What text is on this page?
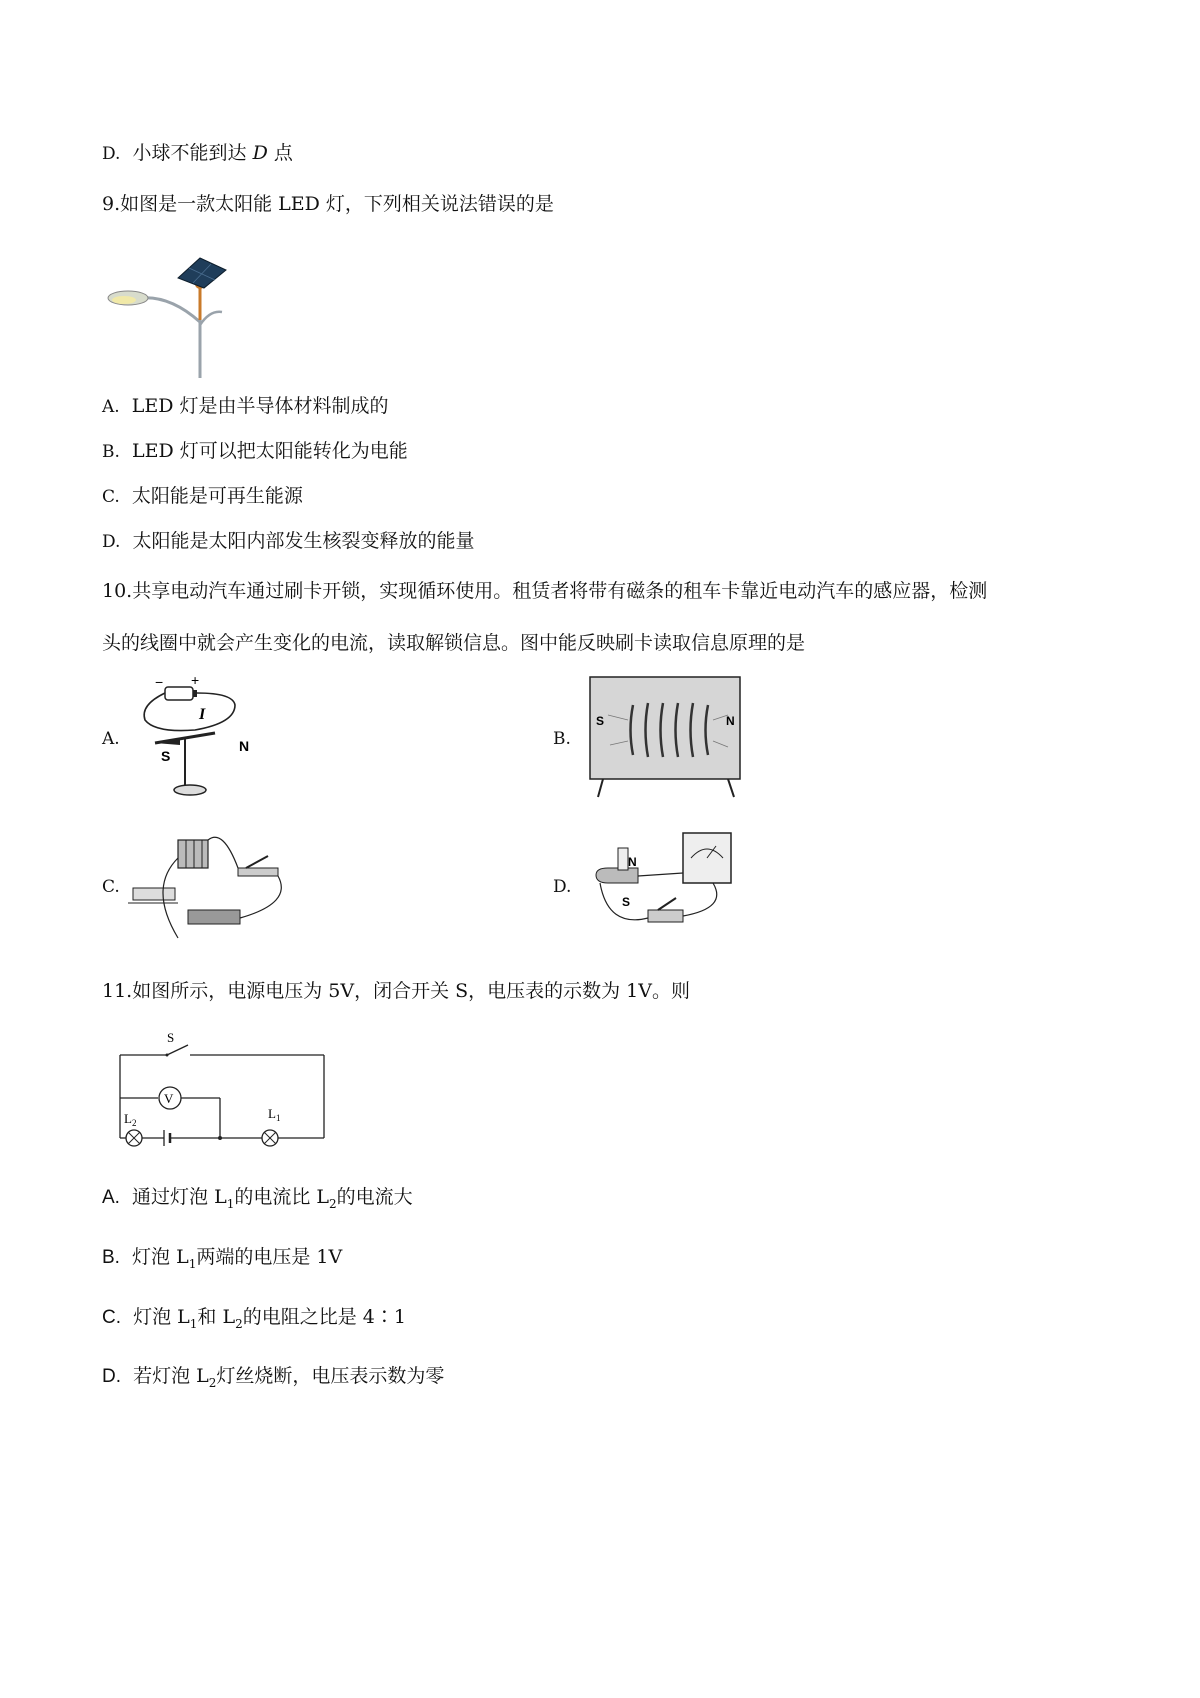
D. 小球不能到达 D 点
9.如图是一款太阳能 LED 灯，下列相关说法错误的是
A. LED 灯是由半导体材料制成的
B. LED 灯可以把太阳能转化为电能
C. 太阳能是可再生能源
D. 太阳能是太阳内部发生核裂变释放的能量
10.共享电动汽车通过刷卡开锁，实现循环使用。租赁者将带有磁条的租车卡靠近电动汽车的感应器，检测
头的线圈中就会产生变化的电流，读取解锁信息。图中能反映刷卡读取信息原理的是
A.
− +
I
S
N	B.
S	N
C.	D.
N
S
11.如图所示，电源电压为 5V，闭合开关 S，电压表的示数为 1V。则
S
V
$L_2$
$L_1$
A. 通过灯泡 $L_1$的电流比 $L_2$的电流大
B. 灯泡 $L_1$两端的电压是 1V
C. 灯泡 $L_1$和 $L_2$的电阻之比是 4∶1
D. 若灯泡 $L_2$灯丝烧断，电压表示数为零
